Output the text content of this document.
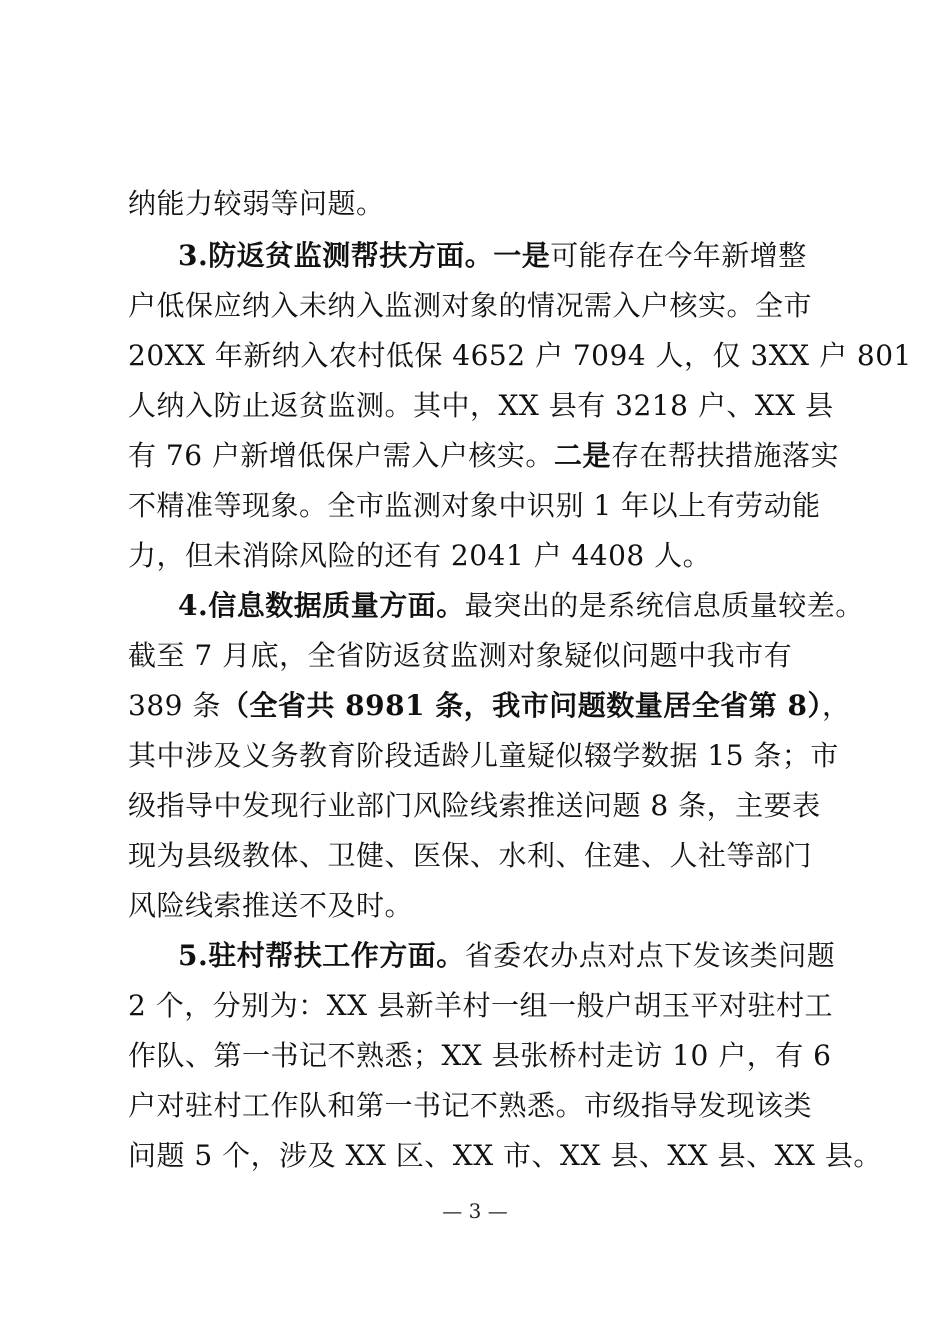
纳能力较弱等问题。
3.防返贫监测帮扶方面。一是可能存在今年新增整
户低保应纳入未纳入监测对象的情况需入户核实。全市
20XX 年新纳入农村低保 4652 户 7094 人，仅 3XX 户 801
人纳入防止返贫监测。其中，XX 县有 3218 户、XX 县
有 76 户新增低保户需入户核实。二是存在帮扶措施落实
不精准等现象。全市监测对象中识别 1 年以上有劳动能
力，但未消除风险的还有 2041 户 4408 人。
4.信息数据质量方面。最突出的是系统信息质量较差。
截至 7 月底，全省防返贫监测对象疑似问题中我市有
389 条（全省共 8981 条，我市问题数量居全省第 8），
其中涉及义务教育阶段适龄儿童疑似辍学数据 15 条；市
级指导中发现行业部门风险线索推送问题 8 条，主要表
现为县级教体、卫健、医保、水利、住建、人社等部门
风险线索推送不及时。
5.驻村帮扶工作方面。省委农办点对点下发该类问题
2 个，分别为：XX 县新羊村一组一般户胡玉平对驻村工
作队、第一书记不熟悉；XX 县张桥村走访 10 户，有 6
户对驻村工作队和第一书记不熟悉。市级指导发现该类
问题 5 个，涉及 XX 区、XX 市、XX 县、XX 县、XX 县。
— 3 —
